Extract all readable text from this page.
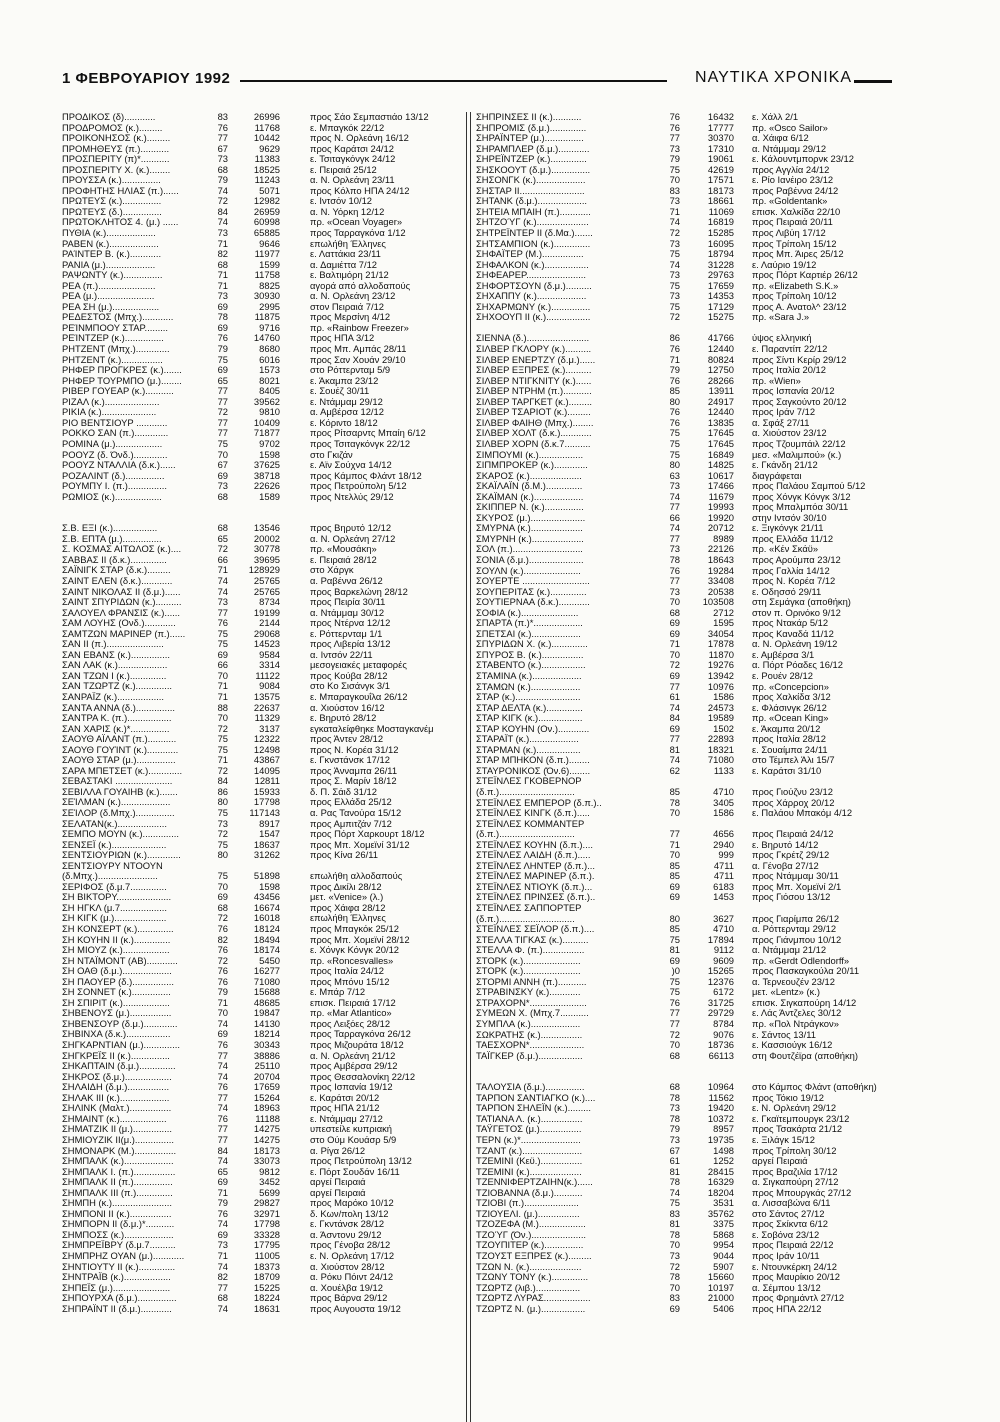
1 ΦΕΒΡΟΥΑΡΙΟΥ 1992	ΝΑΥΤΙΚΑ ΧΡΟΝΙΚΑ
ΠΡΟΔΙΚΟΣ (δ)............	83	26996	προς Σάο Σεμπαστιάο 13/12
ΠΡΟΔΡΟΜΟΣ (κ.).........	76	11768	ε. Μπαγκόκ 22/12
ΠΡΟΙΚΟΝΗΣΟΣ (κ.).........	77	10442	προς Ν. Ορλεάνη 16/12
ΠΡΟΜΗΘΕΥΣ (π.)...........	67	9629	προς Καράτσι 24/12
ΠΡΟΣΠΕΡΙΤΥ (π)*...........	73	11383	ε. Τσιταγκόνγκ 24/12
ΠΡΟΣΠΕΡΙΤΥ Χ. (κ.)........	68	18525	ε. Πειραιά 25/12
ΠΡΟΥΣΣΑ (κ.)...............	79	11243	α. Ν. Ορλεάνη 23/11
ΠΡΟΦΗΤΗΣ ΗΛΙΑΣ (π.)......	74	5071	προς Κόλπο ΗΠΑ 24/12
ΠΡΩΤΕΥΣ (κ.)...............	72	12982	ε. Ιντσόν 10/12
ΠΡΩΤΕΥΣ (δ.)...............	84	26959	α. Ν. Υόρκη 12/12
ΠΡΩΤΟΚΛΗΤΟΣ 4. (μ.) ......	74	60998	πρ. «Ocean Voyager»
ΠΥΘΙΑ (κ.)...................	73	65885	προς Ταρραγκόνα 1/12
ΡΑΒΕΝ (κ.)...................	71	9646	επωλήθη Έλληνες
ΡΑΊΝΤΕΡ Β. (κ.)............	82	11977	ε. Λαττάκια 23/11
ΡΑΝΙΑ (μ.)...................	68	1599	α. Δαμιέττα 7/12
ΡΑΨΩΝΤΥ (κ.)...............	71	11758	ε. Βαλτιμόρη 21/12
ΡΕΑ (π.)......................	71	8825	αγορά από αλλοδαπούς
ΡΕΑ (μ.)......................	73	30930	α. Ν. Ορλεάνη 23/12
ΡΕΑ ΣΗ (μ.)..................	69	2995	στον Πειραιά 7/12
ΡΕΔΕΣΤΟΣ (Μπχ.)............	78	11875	προς Μερσίνη 4/12
ΡΕΊΝΜΠΟΟΥ ΣΤΑΡ.........	69	9716	πρ. «Rainbow Freezer»
ΡΕΊΝΤΖΕΡ (κ.)...............	76	14760	προς ΗΠΑ 3/12
ΡΗΤΖΕΝΤ (Μπχ.).............	79	8680	προς Μπ. Αμπάς 28/11
ΡΗΤΖΕΝΤ (κ.)................	75	6016	προς Σαν Χουάν 29/10
ΡΗΦΕΡ ΠΡΟΓΚΡΕΣ (κ.).......	69	1573	στο Ρόττερνταμ 5/9
ΡΗΦΕΡ ΤΟΥΡΜΠΟ (μ.)........	65	8021	ε. Άκαμπα 23/12
ΡΙΒΕΡ ΓΟΥΕΑΡ (κ.)...........	77	8405	ε. Σουέζ 30/11
ΡΙΖΑΛ (κ.).....................	77	39562	ε. Ντάμμαμ 29/12
ΡΙΚΙΑ (κ.).....................	72	9810	α. Αμβέρσα 12/12
ΡΙΟ ΒΕΝΤΣΙΟΥΡ ............	77	10409	ε. Κόριντο 18/12
ΡΟΚΚΟ ΣΑΝ (π.).............	77	71877	προς Ρίτσαρντς Μπαίη 6/12
ΡΟΜΙΝΑ (μ.)..................	75	9702	προς Τσιταγκόνγκ 22/12
ΡΟΟΥΖ (δ. Όνδ.).............	70	1598	στο Γκιζάν
ΡΟΟΥΖ ΝΤΑΛΛΙΑ (δ.κ.)......	67	37625	ε. Αϊν Σούχνα 14/12
ΡΟΖΑΛΙΝΤ (δ.)...............	69	38718	προς Κάμπος Φλάντ 18/12
ΡΟΥΜΠΥ Ι. (π.)...............	73	22626	προς Πετρούπολη 5/12
ΡΩΜΙΟΣ (κ.)..................	68	1589	προς Ντελλύς 29/12
Σ.Β. ΕΞΙ (κ.).................	68	13546	προς Βηρυτό 12/12
Σ.Β. ΕΠΤΑ (μ.)...............	65	20002	α. Ν. Ορλεάνη 27/12
Σ. ΚΟΣΜΑΣ ΑΙΤΩΛΟΣ (κ.)....	72	30778	πρ. «Μουσάκη»
ΣΑΒΒΑΣ ΙΙ (δ.κ.)..............	66	39695	ε. Πειραιά 28/12
ΣΑΪΝΙΓΚ ΣΤΑΡ (δ.κ.).........	71	128929	στο Χάργκ
ΣΑΙΝΤ ΕΛΕΝ (δ.κ.)............	74	25765	α. Ραβέννα 26/12
ΣΑΙΝΤ ΝΙΚΟΛΑΣ ΙΙ (δ.μ.)......	74	25765	προς Βαρκελώνη 28/12
ΣΑΙΝΤ ΣΠΥΡΙΔΩΝ (κ.)..........	73	8734	προς Πειρία 30/11
ΣΑΛΟΥΕΛ ΦΡΑΝΣΙΣ (κ.)......	77	19199	α. Ντάμμαμ 30/12
ΣΑΜ ΛΟΥΗΣ (Ονδ.)............	76	2144	προς Ντέρνα 12/12
ΣΑΜΤΖΩΝ ΜΑΡΙΝΕΡ (π.)......	75	29068	ε. Ρόττερνταμ 1/1
ΣΑΝ ΙΙ (π.)......................	75	14523	προς Λιβερία 13/12
ΣΑΝ ΕΒΑΝΣ (κ.)...............	69	9584	α. Ιντσόν 22/11
ΣΑΝ ΛΑΚ (κ.)...................	66	3314	μεσογειακές μεταφορές
ΣΑΝ ΤΖΩΝ Ι (κ.)..............	70	11122	προς Κούβα 28/12
ΣΑΝ ΤΖΩΡΤΖ (κ.)..............	71	9084	στο Κο Σισάνγκ 3/1
ΣΑΝΡΑΪΖ (κ.)..................	71	13575	ε. Μπαραγκουΐλα 26/12
ΣΑΝΤΑ ΑΝΝΑ (δ.)...............	88	22637	α. Χιούστον 16/12
ΣΑΝΤΡΑ Κ. (π.).................	70	11329	ε. Βηρυτό 28/12
ΣΑΝ ΧΑΡΙΣ (κ.)*...............	72	3137	εγκαταλείφθηκε Μοσταγκανέμ
ΣΑΟΥΘ ΑΪΛΑΝΤ (π.)...........	75	12322	προς Άντεν 28/12
ΣΑΟΥΘ ΓΟΥΊΝΤ (κ.)............	75	12498	προς Ν. Κορέα 31/12
ΣΑΟΥΘ ΣΤΑΡ (μ.)...............	71	43867	ε. Γκνστάνσκ 17/12
ΣΑΡΑ ΜΠΕΤΣΕΤ (κ.).............	72	14095	προς Άνναμπα 26/11
ΣΕΒΑΣΤΑΚΙ ......................	84	12811	προς Σ. Μαρίν 18/12
ΣΕΒΙΛΛΑ ΓΟΥΑΙΗΒ (κ.).......	86	15933	δ. Π. Σάιδ 31/12
ΣΕΊΛΜΑΝ (κ.)...................	80	17798	προς Ελλάδα 25/12
ΣΕΊΛΟΡ (δ.Μπχ.)...............	75	117143	α. Ρας Τανούρα 15/12
ΣΕΛΑΤΑΝ(κ.)...................	73	8917	προς Αμπιτζάν 7/12
ΣΕΜΠΟ ΜΟΥΝ (κ.)..............	72	1547	προς Πόρτ Χαρκουρτ 18/12
ΣΕΝΣΕΪ (κ.).....................	75	18637	προς Μπ. Χομεϊνί 31/12
ΣΕΝΤΣΙΟΥΡΙΩΝ (κ.).............	80	31262	προς Κίνα 26/11
ΣΕΝΤΣΙΟΥΡΥ ΝΤΟΟΥΝ
(δ.Μπχ.).......................	75	51898	επωλήθη αλλοδαπούς
ΣΕΡΙΦΟΣ (δ.μ.7..............	70	1598	προς Δικίλι 28/12
ΣΗ ΒΙΚΤΟΡΥ.....................	69	43456	μετ. «Venice» (λ.)
ΣΗ ΗΓΚΛ (μ.7..................	68	16674	προς Χάιφα 28/12
ΣΗ ΚΙΓΚ (μ.)....................	72	16018	επωλήθη Έλληνες
ΣΗ ΚΟΝΣΕΡΤ (κ.)..............	76	18124	προς Μπαγκόκ 25/12
ΣΗ ΚΟΥΗΝ ΙΙ (κ.)..............	82	18494	προς Μπ. Χομεϊνί 28/12
ΣΗ ΜΙΟΥΖ (κ.)..................	76	18174	ε. Χόνγκ Κόνγκ 20/12
ΣΗ ΝΤΑΪΜΟΝΤ (ΑΒ)............	72	5450	πρ. «Roncesvalles»
ΣΗ ΟΑΘ (δ.μ.)...................	76	16277	προς Ιταλία 24/12
ΣΗ ΠΑΟΥΕΡ (δ.)................	76	71080	προς Μπόνυ 15/12
ΣΗ ΣΟΝΝΕΤ (κ.)...............	79	15688	ε. Μπάρ 7/12
ΣΗ ΣΠΙΡΙΤ (κ.)..................	71	48685	επισκ. Πειραιά 17/12
ΣΗΒΕΝΟΥΣ (μ.)................	70	19847	πρ. «Mar Atlantico»
ΣΗΒΕΝΣΟΥΡ (δ.μ.).............	74	14130	προς Λειξόες 28/12
ΣΗΒΙΝΧΑ (δ.κ.).................	69	18214	προς Ταρραγκόνα 26/12
ΣΗΓΚΑΡΝΤΙΑΝ (μ.)..............	76	30343	προς Μιζουράτα 18/12
ΣΗΓΚΡΕΪΣ ΙΙ (κ.)...............	77	38886	α. Ν. Ορλεάνη 21/12
ΣΗΚΑΠΤΑΙΝ (δ.μ.)..............	74	25110	προς Αμβέρσα 29/12
ΣΗΚΡΟΣ (δ.μ.)..................	74	20704	προς Θεσσαλονίκη 22/12
ΣΗΛΑΙΔΗ (δ.μ.)................	76	17659	προς Ισπανία 19/12
ΣΗΛΑΚ ΙΙΙ (κ.)...................	77	15264	ε. Καράτσι 20/12
ΣΗΛΙΝΚ (Μαλτ.)................	74	18963	προς ΗΠΑ 21/12
ΣΗΜΑΙΝΤ (κ.)..................	76	11188	ε. Ντάμμαμ 27/12
ΣΗΜΑΤΖΙΚ ΙΙ (μ.)...............	77	14275	υπεστείλε κυπριακή
ΣΗΜΙΟΥΖΙΚ ΙΙ(μ.)...............	77	14275	στο Ούμ Κουάσρ 5/9
ΣΗΜΟΝΑΡΚ (Μ.)................	84	18173	α. Ρίγα 26/12
ΣΗΜΠΑΛΚ (κ.)...................	74	33073	προς Πετρούπολη 13/12
ΣΗΜΠΑΛΚ Ι. (π.)................	65	9812	ε. Πόρτ Σουδάν 16/11
ΣΗΜΠΑΛΚ ΙΙ (π.)...............	69	3452	αργεί Πειραιά
ΣΗΜΠΑΛΚ ΙΙΙ (π.)..............	71	5699	αργεί Πειραιά
ΣΗΜΠΗ (κ.).......................	79	29827	προς Μαρόκο 10/12
ΣΗΜΠΟΝΙ ΙΙ (κ.)................	76	32971	δ. Κων/πολη 13/12
ΣΗΜΠΟΡΝ ΙΙ (δ.μ.)*...........	74	17798	ε. Γκντάνσκ 28/12
ΣΗΜΠΟΣΣ (κ.)...................	69	33328	α. Άσντονυ 29/12
ΣΗΜΠΡΕΪΒΡΥ (δ.μ.7..........	73	17795	προς Γένοβα 28/12
ΣΗΜΠΡΗΖ ΟΥΑΝ (μ.)............	71	11005	ε. Ν. Ορλεάνη 17/12
ΣΗΝΤΙΟΥΤΥ ΙΙ (κ.)..............	74	18373	α. Χιούστον 28/12
ΣΗΝΤΡΑΪΒ (κ.)..................	82	18709	α. Ρόκυ Πόιντ 24/12
ΣΗΠΕΪΣ (μ.)......................	77	15225	α. Χουέλβα 19/12
ΣΗΠΟΥΡΧΑ (δ.μ.)...............	68	18224	προς Βάρνα 29/12
ΣΗΠΡΑΪΝΤ ΙΙ (δ.μ.)............	74	18631	προς Αυγουστα 19/12
ΣΗΠΡΙΝΣΕΣ ΙΙ (κ.)...........	76	16432 ε. Χάλλ 2/1
ΣΗΠΡΟΜΙΣ (δ.μ.)..............	76	17777 πρ. «Osco Sailor»
ΣΗΡΑΪΝΤΕΡ (μ.)...............	77	30370 α. Χάιφα 6/12
ΣΗΡΑΜΠΛΕΡ (δ.μ.)............	73	17310 α. Ντάμμαμ 29/12
ΣΗΡΕΪΝΤΖΕΡ (κ.)..............	79	19061 ε. Κάλουντμπορνκ 23/12
ΣΗΣΚΟΟΥΤ (δ.μ.)...............	75	42619 προς Αγγλία 24/12
ΣΗΣΟΝΓΚ (κ.)...................	70	17571 ε. Ρίο Ιανέιρο 23/12
ΣΗΣΤΑΡ ΙΙ.........................	83	18173 προς Ραβέννα 24/12
ΣΗΤΑΝΚ (δ.μ.)...................	73	18661 πρ. «Goldentank»
ΣΗΤΕΙΑ ΜΠΑΙΗ (π.)............	71	11069 επισκ. Χαλκίδα 22/10
ΣΗΤΖΟΎΓ (κ.)....................	74	16819 προς Πειραιά 20/11
ΣΗΤΡΕΪΝΤΕΡ ΙΙ (δ.Μα.).......	72	15285 προς Λιβύη 17/12
ΣΗΤΣΑΜΠΙΟΝ (κ.)..............	73	16095 προς Τρίπολη 15/12
ΣΗΦΑΪΤΕΡ (Μ.)................	75	18794 προς Μπ. Άιρες 25/12
ΣΗΦΑΛΚΟΝ (κ.).................	74	31228 ε. Λαύριο 19/12
ΣΗΦΕΑΡΕΡ.......................	73	29763 προς Πόρτ Καρτιέρ 26/12
ΣΗΦΟΡΤΣΟΥΝ (δ.μ.)..........	75	17659 πρ. «Elizabeth S.K.»
ΣΗΧΑΠΠΥ (κ.)...................	73	14353 προς Τρίπολη 10/12
ΣΗΧΑΡΜΩΝΥ (κ.)...............	75	17129 προς Α. Ανατολ^ 23/12
ΣΗΧΟΟΥΠ ΙΙ (κ.).................	72	15275 πρ. «Sara J.»
ΣΙΕΝΝΑ (δ.)........................	86	41766 ύψος ελληνική
ΣΙΛΒΕΡ ΓΚΛΟΡΥ (κ.)..........	76	12440 ε. Παραντίπ 22/12
ΣΙΛΒΕΡ ΕΝΕΡΤΖΥ (δ.μ.)......	71	80824 προς Σίντι Κερίρ 29/12
ΣΙΛΒΕΡ ΕΞΠΡΕΣ (κ.)..........	79	12750 προς Ιταλία 20/12
ΣΙΛΒΕΡ ΝΤΙΓΚΝΙΤΥ (κ.)......	76	28266 πρ. «Wien»
ΣΙΛΒΕΡ ΝΤΡΗΜ (π.)...........	85	13911 προς Ισπανία 20/12
ΣΙΛΒΕΡ ΤΑΡΓΚΕΤ (κ.).........	80	24917 προς Σαγκούντο 20/12
ΣΙΛΒΕΡ ΤΣΑΡΙΟΤ (κ.).........	76	12440 προς Ιράν 7/12
ΣΙΛΒΕΡ ΦΑΙΗΘ (Μπχ.)........	76	13835 α. Σφάξ 27/11
ΣΙΛΒΕΡ ΧΟΛΤ (δ.κ.)............	75	17645 α. Χιούστον 23/12
ΣΙΛΒΕΡ ΧΟΡΝ (δ.κ.7..........	75	17645 προς Τζουμπάιλ 22/12
ΣΙΜΠΟΥΜΙ (κ.).................	75	16849 μεσ. «Μαλιμπού» (κ.)
ΣΙΠΜΠΡΟΚΕΡ (κ.).............	80	14825 ε. Γκάνδη 21/12
ΣΚΑΡΟΣ (κ.)....................	63	10617 διαγράφεται
ΣΚΑΪΛΑΪΝ (δ.Μ.)..............	73	17466 προς Παλάου Σαμπού 5/12
ΣΚΑΪΜΑΝ (κ.)...................	74	11679 προς Χόνγκ Κόνγκ 3/12
ΣΚΙΠΠΕΡ Ν. (κ.)...............	77	19993 προς Μπαλμπόα 30/11
ΣΚΥΡΟΣ (μ.).....................	66	19920 στην Ιντσόν 30/10
ΣΜΥΡΝΑ (κ.)....................	74	20712 ε. Ξιγκόνγκ 21/11
ΣΜΥΡΝΗ (κ.)....................	77	8989 προς Ελλάδα 11/12
ΣΟΛ (π.)...........................	73	22126 πρ. «Κέν Σκάϋ»
ΣΟΝΙΑ (δ.μ.).....................	78	18643 προς Αρούμπα 23/12
ΣΟΥΛΝ (κ.)......................	76	19284 προς Γαλλία 14/12
ΣΟΥΕΡΤΕ ..........................	77	33408 προς Ν. Κορέα 7/12
ΣΟΥΠΕΡΙΤΑΣ (κ.)..............	73	20538 ε. Οδησσό 29/11
ΣΟΥΤΙΕΡΝΑΑ (δ.κ.)............	70	103508 στη Σεμάγκα (αποθήκη)
ΣΟΦΙΑ (κ.)......................	68	2712 στον π. Ορινόκο 9/12
ΣΠΑΡΤΑ (π.)*...................	69	1595 προς Ντακάρ 5/12
ΣΠΕΤΣΑΙ (κ.)...................	69	34054 προς Καναδά 11/12
ΣΠΥΡΙΔΩΝ Χ. (κ.)..............	71	17878 α. Ν. Ορλεάνη 19/12
ΣΠΥΡΟΣ Β. (κ.)................	70	11870 ε. Αμβέρσα 3/1
ΣΤΑΒΕΝΤΟ (κ.).................	72	19276 α. Πόρτ Ρόαδες 16/12
ΣΤΑΜΙΝΑ (κ.)...................	69	13942 ε. Ρουέν 28/12
ΣΤΑΜΩΝ (κ.)...................	77	10976 πρ. «Concepcion»
ΣΤΑΡ (κ.).........................	61	1586 προς Χαλκίδα 3/12
ΣΤΑΡ ΔΕΛΤΑ (κ.)..............	74	24573 ε. Φλάσινγκ 26/12
ΣΤΑΡ ΚΙΓΚ (κ.).................	84	19589 πρ. «Ocean King»
ΣΤΑΡ ΚΟΥΗΝ (Ον.)............	69	1502 ε. Άκαμπα 20/12
ΣΤΑΡΑΪΤ (κ.)...................	77	22893 προς Ιταλία 28/12
ΣΤΑΡΜΑΝ (κ.).................	81	18321 ε. Σουαίμπα 24/11
ΣΤΑΡ ΜΠΗΚΟΝ (δ.π.)........	74	71080 στο Τέμπελ Άλι 15/7
ΣΤΑΥΡΟΝΙΚΟΣ (Όν.6)........	62	1133 ε. Καράτσι 31/10
ΣΤΕΪΝΛΕΣ ΓΚΟΒΕΡΝΟΡ
(δ.π.).............................	85	4710 προς Γιούζνυ 23/12
ΣΤΕΪΝΛΕΣ ΕΜΠΕΡΟΡ (δ.π.)..	78	3405 προς Χάρροχ 20/12
ΣΤΕΪΝΛΕΣ ΚΙΝΓΚ (δ.π.).....	70	1586 ε. Παλάου Μπακόμ 4/12
ΣΤΕΪΝΛΕΣ ΚΟΜΜΑΝΤΕΡ
(δ.π.).............................	77	4656 προς Πειραιά 24/12
ΣΤΕΪΝΛΕΣ ΚΟΥΗΝ (δ.π.)....	71	2940 ε. Βηρυτό 14/12
ΣΤΕΪΝΛΕΣ ΛΑΙΔΗ (δ.π.).....	70	999 προς Γκρέτζ 29/12
ΣΤΕΪΝΛΕΣ ΛΗΝΤΕΡ (δ.π.)...	85	4711 α. Γένοβα 27/12
ΣΤΕΪΝΛΕΣ ΜΑΡΙΝΕΡ (δ.π.).	85	4711 προς Ντάμμαμ 30/11
ΣΤΕΪΝΛΕΣ ΝΤΙΟΥΚ (δ.π.)...	69	6183 προς Μπ. Χομεϊνί 2/1
ΣΤΕΪΝΛΕΣ ΠΡΙΝΣΕΣ (δ.π.)..	69	1453 προς Γιόσου 13/12
ΣΤΕΪΝΛΕΣ ΣΑΠΠΟΡΤΕΡ
(δ.π.).............................	80	3627 προς Γιαρίμπα 26/12
ΣΤΕΪΝΛΕΣ ΣΕΪΛΟΡ (δ.π.)....	85	4710 α. Ρόττερνταμ 29/12
ΣΤΕΛΛΑ ΤΙΓΚΑΣ (κ.)..........	75	17894 προς Γιάνμπου 10/12
ΣΤΕΛΛΑ Φ. (π.)................	81	9112 α. Ντάμμαμ 21/12
ΣΤΟΡΚ (κ.)......................	69	9609 πρ. «Gerdt Odlendorff»
ΣΤΟΡΚ (κ.)......................	)0	15265 προς Πασκαγκούλα 20/11
ΣΤΟΡΜΙ ΑΝΝΗ (π.)...........	75	12376 α. Τερνεουζέν 23/12
ΣΤΡΑΒΙΝΣΚΥ (κ.)............	75	6172 μετ. «Lentz» (κ.)
ΣΤΡΑΧΟΡΝ*......................	76	31725 επισκ. Σιγκαπούρη 14/12
ΣΥΜΕΩΝ Χ. (Μπχ.7...........	77	29729 ε. Λάς Άντζελες 30/12
ΣΥΜΠΛΑ (κ.)...................	77	8784 πρ. «Πολ Ντράγκον»
ΣΩΚΡΑΤΗΣ (κ.)................	72	9076 ε. Σάντος 13/11
ΤΑΕΣΧΟΡΝ*.....................	70	18736 ε. Κασσιούγκ 16/12
ΤΑΪΓΚΕΡ (δ.μ.).................	68	66113 στη Φουτζέϊρα (αποθήκη)
ΤΑΛΟΥΣΙΑ (δ.μ.)...............	68	10964 στο Κάμπος Φλάντ (αποθήκη)
ΤΑΡΠΟΝ ΣΑΝΤΙΑΓΚΟ (κ.)....	78	11562 προς Τόκιο 19/12
ΤΑΡΠΟΝ ΣΗΛΕΪΝ (κ.).........	73	19420 ε. Ν. Ορλεάνη 29/12
ΤΑΤΙΑΝΑ Λ. (κ.)................	78	10372 ε. Γκαϊτεμπουργκ 23/12
ΤΑΫΓΕΤΟΣ (μ.)................	79	8957 προς Τσακάρτα 21/12
ΤΕΡΝ (κ.)*.......................	73	19735 ε. Ξιλάγκ 15/12
ΤΖΑΝΤ (κ.).......................	67	1498 προς Τρίπολη 30/12
ΤΖΕΜΙΝΙ (Κεϋ.)................	61	1252 αργεί Πειραιά
ΤΖΕΜΙΝΙ (κ.)....................	81	28415 προς Βραζιλία 17/12
ΤΖΕΝΝΙΦΕΡΤΖΑΙΗΝ(κ.)......	78	16329 α. Σιγκαπούρη 27/12
ΤΖΙΟΒΑΝΝΑ (δ.μ.)...........	74	18204 προς Μπουργκάς 27/12
ΤΖΙΟΒΙ (π.).....................	75	3531 α. Λισσαβώνα 6/11
ΤΖΙΟΥΕΛΙ. (μ.)................	83	35762 στο Σάντος 27/12
ΤΖΟΖΕΦΑ (Μ.)..................	81	3375 προς Σκίκντα 6/12
ΤΖΟΎΓ (Όν.).....................	78	5868 ε. Σοβόνα 23/12
ΤΖΟΥΠΙΤΕΡ (κ.)...............	70	9954 προς Πειραιά 22/12
ΤΖΟΥΣΤ ΕΞΠΡΕΣ (κ.).........	73	9044 προς Ιράν 10/11
ΤΖΩΝ Ν. (κ.)....................	72	5907 ε. Ντουνκέρκη 24/12
ΤΖΩΝΥ ΤΟΝΥ (κ.)..............	78	15660 προς Μαυρίκιο 20/12
ΤΖΩΡΤΖ (λιβ.).................	70	10197 α. Σέμπου 13/12
ΤΖΩΡΤΖ ΛΥΡΑΣ..................	83	21000 προς Φρημάντλ 27/12
ΤΖΩΡΤΖ Ν. (μ.).................	69	5406 προς ΗΠΑ 22/12
